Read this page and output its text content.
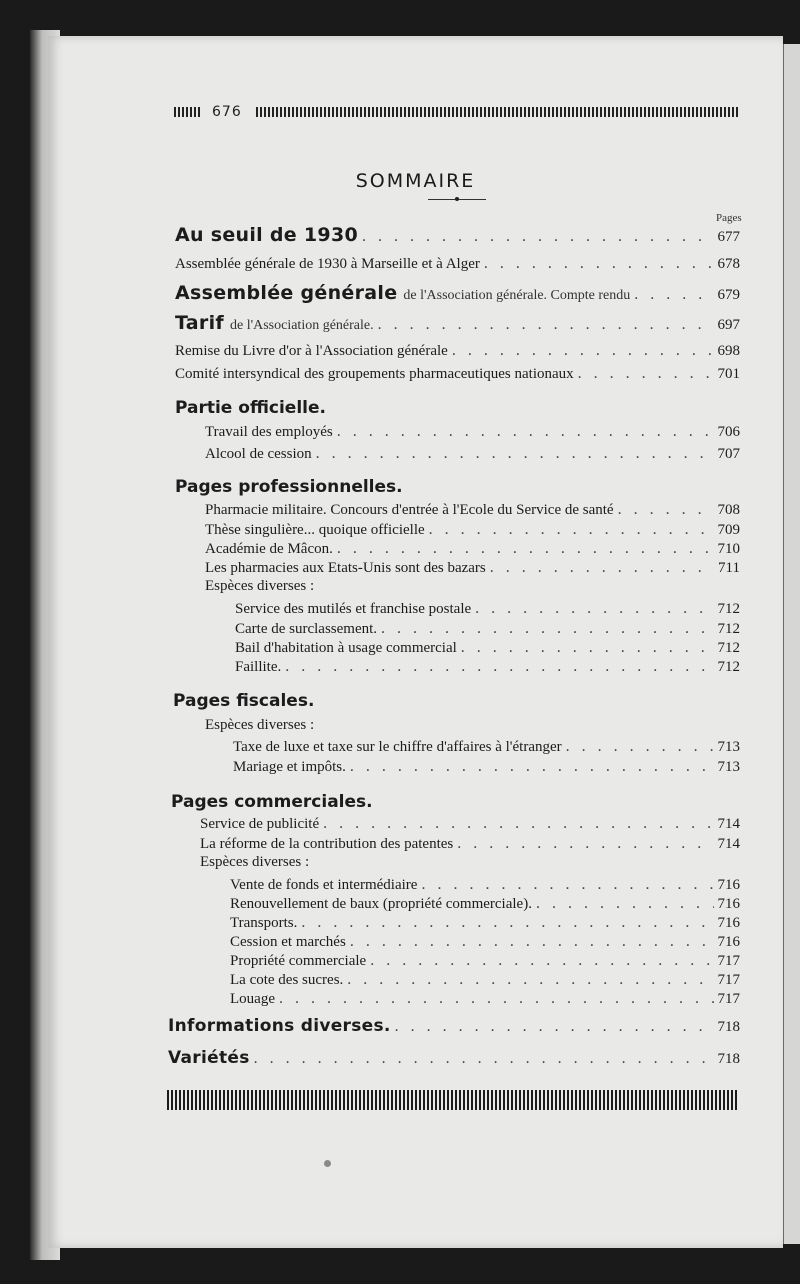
676
SOMMAIRE
Pages
Au seuil de 1930 . . .	677
Assemblée générale de 1930 à Marseille et à Alger . . .	678
Assemblée générale de l'Association générale. Compte rendu . . .	679
Tarif de l'Association générale. . . .	697
Remise du Livre d'or à l'Association générale . . .	698
Comité intersyndical des groupements pharmaceutiques nationaux . . .	701
Partie officielle.
Travail des employés . . .	706
Alcool de cession . . .	707
Pages professionnelles.
Pharmacie militaire. Concours d'entrée à l'Ecole du Service de santé . . .	708
Thèse singulière... quoique officielle . . .	709
Académie de Mâcon. . . .	710
Les pharmacies aux Etats-Unis sont des bazars . . .	711
Espèces diverses :
Service des mutilés et franchise postale . . .	712
Carte de surclassement. . . .	712
Bail d'habitation à usage commercial . . .	712
Faillite. . . .	712
Pages fiscales.
Espèces diverses :
Taxe de luxe et taxe sur le chiffre d'affaires à l'étranger . . .	713
Mariage et impôts. . . .	713
Pages commerciales.
Service de publicité . . .	714
La réforme de la contribution des patentes . . .	714
Espèces diverses :
Vente de fonds et intermédiaire . . .	716
Renouvellement de baux (propriété commerciale). . . .	716
Transports. . . .	716
Cession et marchés . . .	716
Propriété commerciale . . .	717
La cote des sucres. . . .	717
Louage . . .	717
Informations diverses. . . .	718
Variétés . . .	718
